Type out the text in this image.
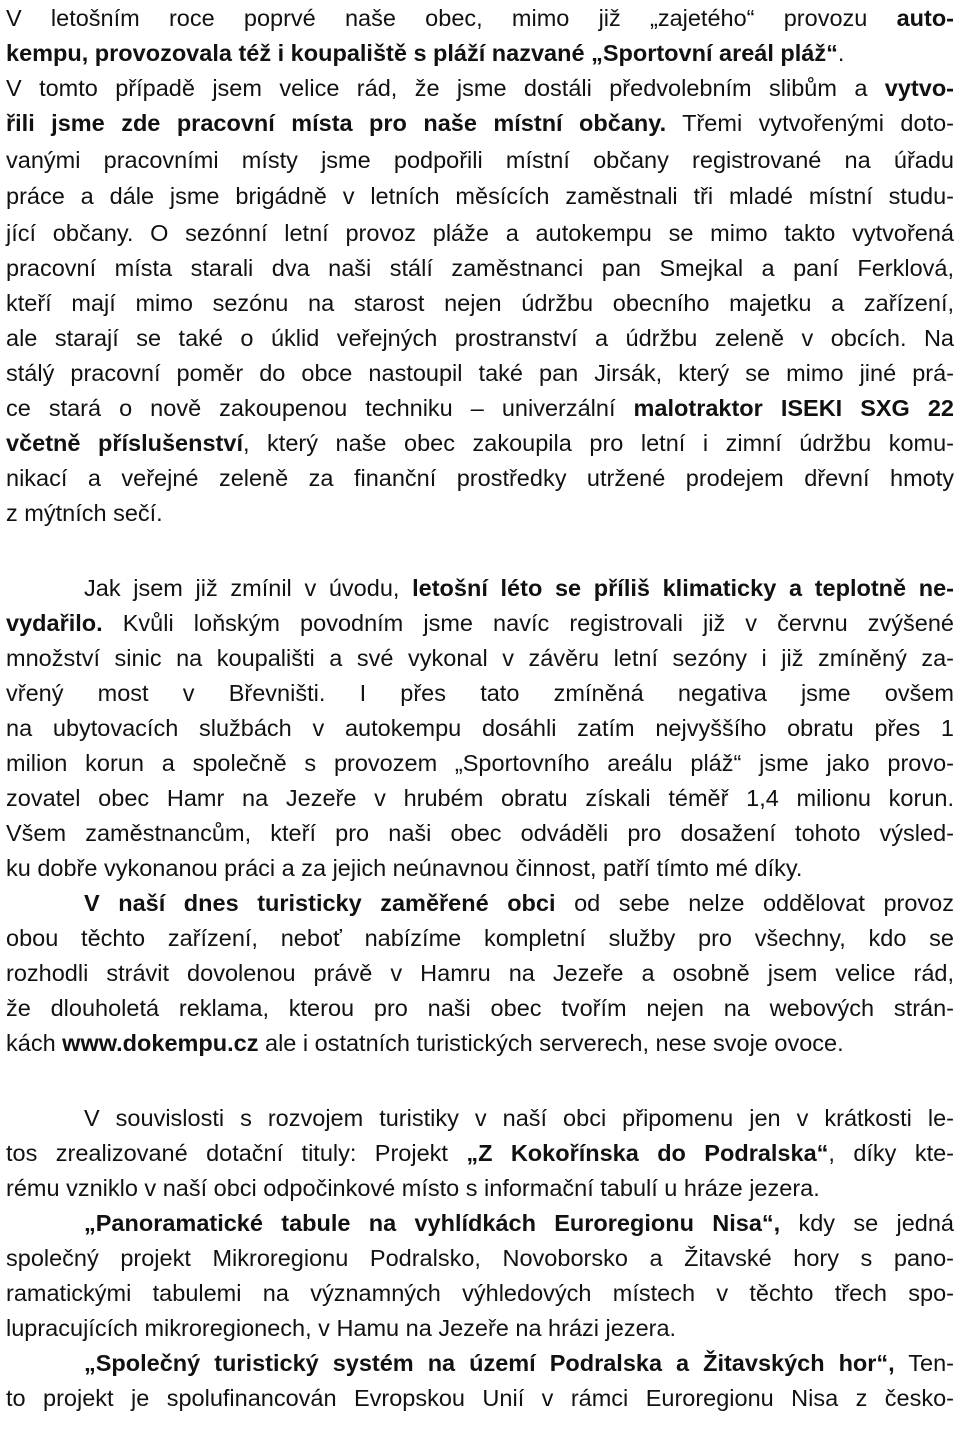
V letošním roce poprvé naše obec, mimo již „zajetého“ provozu auto-
kempu, provozovala též i koupaliště s pláží nazvané „Sportovní areál pláž“.
V tomto případě jsem velice rád, že jsme dostáli předvolebním slibům a vytvo-
řili jsme zde pracovní místa pro naše místní občany. Třemi vytvořenými doto-
vanými pracovními místy jsme podpořili místní občany registrované na úřadu
práce a dále jsme brigádně v letních měsících zaměstnali tři mladé místní studu-
jící občany. O sezónní letní provoz pláže a autokempu se mimo takto vytvořená
pracovní místa starali dva naši stálí zaměstnanci pan Smejkal a paní Ferklová,
kteří mají mimo sezónu na starost nejen údržbu obecního majetku a zařízení,
ale starají se také o úklid veřejných prostranství a údržbu zeleně v obcích. Na
stálý pracovní poměr do obce nastoupil také pan Jirsák, který se mimo jiné prá-
ce stará o nově zakoupenou techniku – univerzální malotraktor ISEKI SXG 22
včetně příslušenství, který naše obec zakoupila pro letní i zimní údržbu komu-
nikací a veřejné zeleně za finanční prostředky utržené prodejem dřevní hmoty
z mýtních sečí.
Jak jsem již zmínil v úvodu, letošní léto se příliš klimaticky a teplotně ne-
vydařilo. Kvůli loňským povodním jsme navíc registrovali již v červnu zvýšené
množství sinic na koupališti a své vykonal v závěru letní sezóny i již zmíněný za-
vřený most v Břevništi. I přes tato zmíněná negativa jsme ovšem
na ubytovacích službách v autokempu dosáhli zatím nejvyššího obratu přes 1
milion korun a společně s provozem „Sportovního areálu pláž“ jsme jako provo-
zovatel obec Hamr na Jezeře v hrubém obratu získali téměř 1,4 milionu korun.
Všem zaměstnancům, kteří pro naši obec odváděli pro dosažení tohoto výsled-
ku dobře vykonanou práci a za jejich neúnavnou činnost, patří tímto mé díky.
V naší dnes turisticky zaměřené obci od sebe nelze oddělovat provoz
obou těchto zařízení, neboť nabízíme kompletní služby pro všechny, kdo se
rozhodli strávit dovolenou právě v Hamru na Jezeře a osobně jsem velice rád,
že dlouholetá reklama, kterou pro naši obec tvořím nejen na webových strán-
kách www.dokempu.cz ale i ostatních turistických serverech, nese svoje ovoce.
V souvislosti s rozvojem turistiky v naší obci připomenu jen v krátkosti le-
tos zrealizované dotační tituly: Projekt „Z Kokořínska do Podralska“, díky kte-
rému vzniklo v naší obci odpočinkové místo s informační tabulí u hráze jezera.
„Panoramatické tabule na vyhlídkách Euroregionu Nisa“, kdy se jedná
společný projekt Mikroregionu Podralsko, Novoborsko a Žitavské hory s pano-
ramatickými tabulemi na významných výhledových místech v těchto třech spo-
lupracujících mikroregionech, v Hamu na Jezeře na hrázi jezera.
„Společný turistický systém na území Podralska a Žitavských hor“, Ten-
to projekt je spolufinancován Evropskou Unií v rámci Euroregionu Nisa z česko-
